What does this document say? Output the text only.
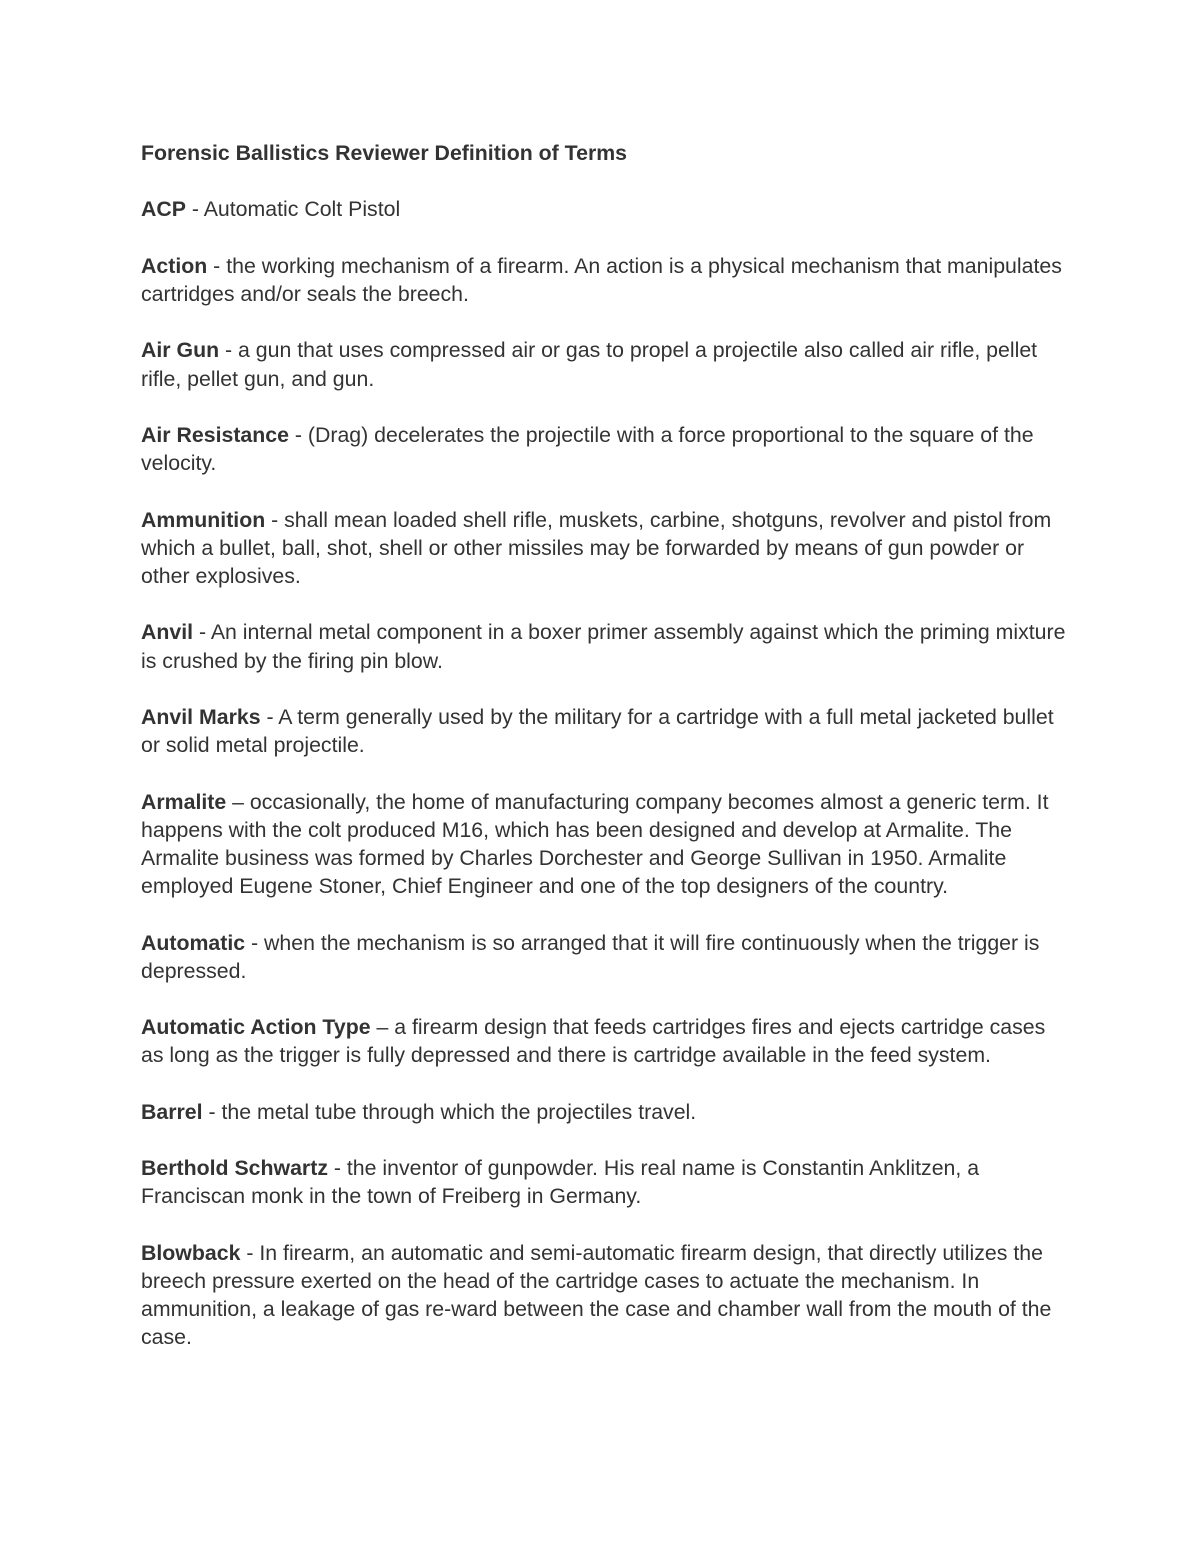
Forensic Ballistics Reviewer Definition of Terms

ACP - Automatic Colt Pistol

Action - the working mechanism of a firearm. An action is a physical mechanism that manipulates cartridges and/or seals the breech.

Air Gun - a gun that uses compressed air or gas to propel a projectile also called air rifle, pellet rifle, pellet gun, and gun.

Air Resistance - (Drag) decelerates the projectile with a force proportional to the square of the velocity.

Ammunition - shall mean loaded shell rifle, muskets, carbine, shotguns, revolver and pistol from which a bullet, ball, shot, shell or other missiles may be forwarded by means of gun powder or other explosives.

Anvil - An internal metal component in a boxer primer assembly against which the priming mixture is crushed by the firing pin blow.

Anvil Marks - A term generally used by the military for a cartridge with a full metal jacketed bullet or solid metal projectile.

Armalite – occasionally, the home of manufacturing company becomes almost a generic term. It happens with the colt produced M16, which has been designed and develop at Armalite. The Armalite business was formed by Charles Dorchester and George Sullivan in 1950. Armalite employed Eugene Stoner, Chief Engineer and one of the top designers of the country.

Automatic - when the mechanism is so arranged that it will fire continuously when the trigger is depressed.

Automatic Action Type – a firearm design that feeds cartridges fires and ejects cartridge cases as long as the trigger is fully depressed and there is cartridge available in the feed system.

Barrel - the metal tube through which the projectiles travel.

Berthold Schwartz - the inventor of gunpowder. His real name is Constantin Anklitzen, a Franciscan monk in the town of Freiberg in Germany.

Blowback - In firearm, an automatic and semi-automatic firearm design, that directly utilizes the breech pressure exerted on the head of the cartridge cases to actuate the mechanism. In ammunition, a leakage of gas re-ward between the case and chamber wall from the mouth of the case.
